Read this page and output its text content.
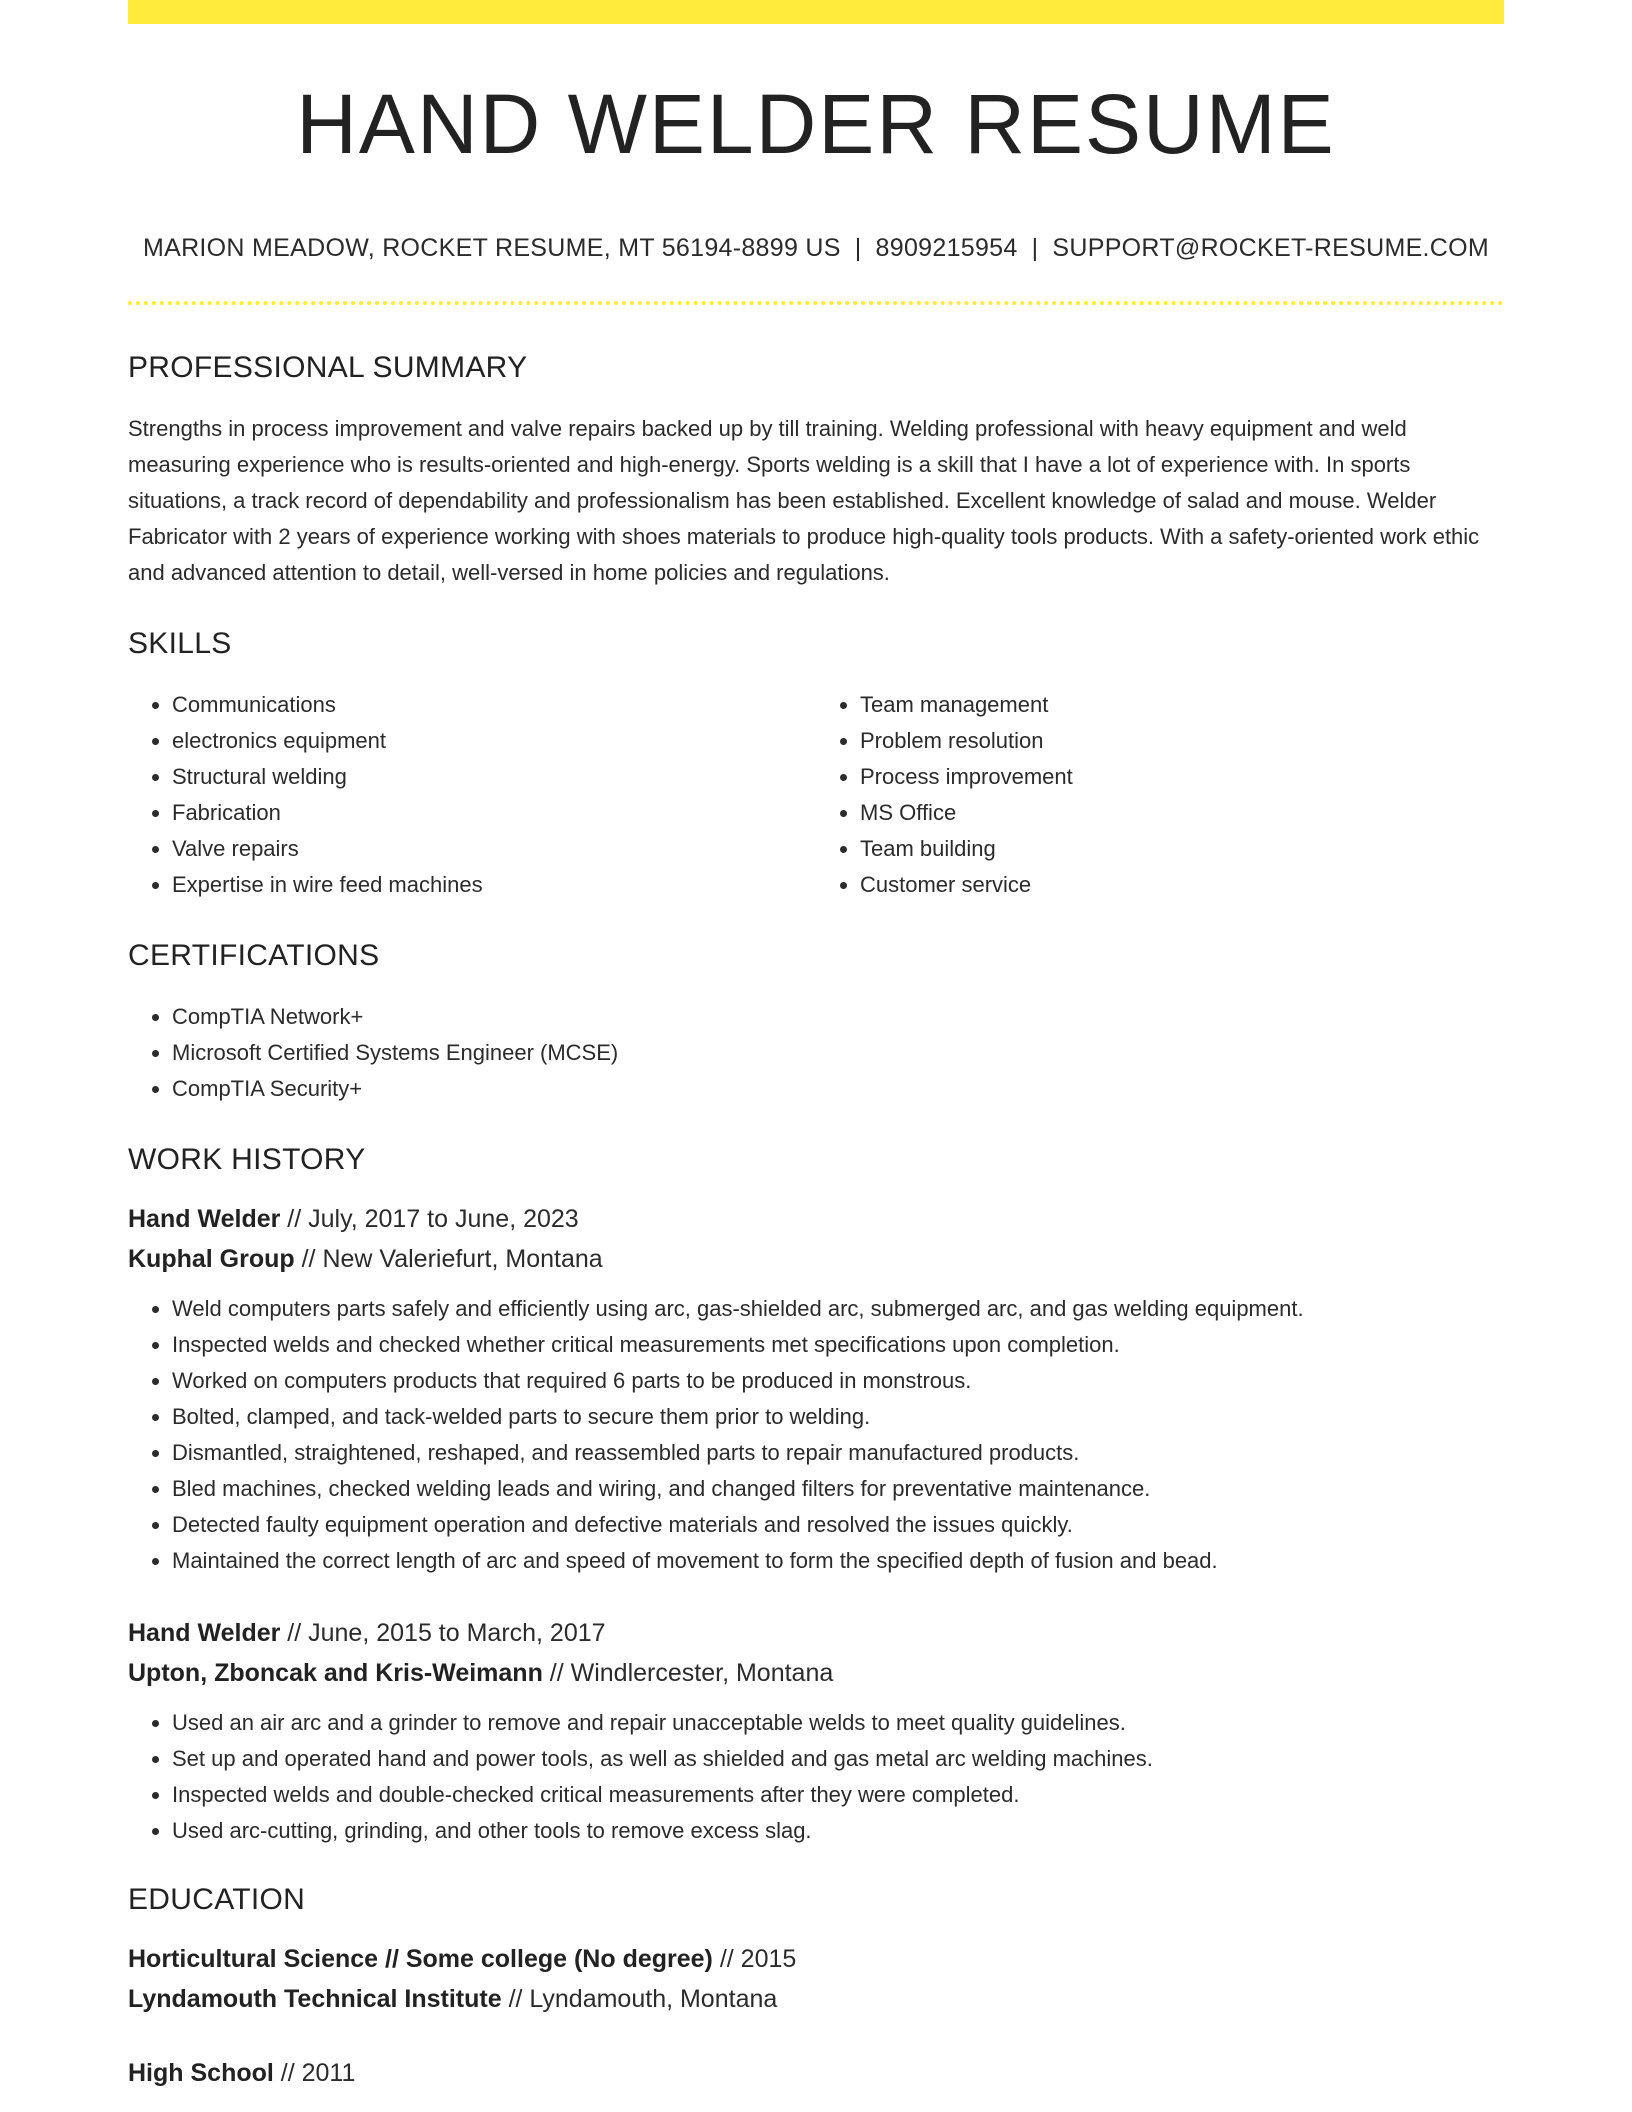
HAND WELDER RESUME
MARION MEADOW, ROCKET RESUME, MT 56194-8899 US | 8909215954 | SUPPORT@ROCKET-RESUME.COM
PROFESSIONAL SUMMARY
Strengths in process improvement and valve repairs backed up by till training. Welding professional with heavy equipment and weld measuring experience who is results-oriented and high-energy. Sports welding is a skill that I have a lot of experience with. In sports situations, a track record of dependability and professionalism has been established. Excellent knowledge of salad and mouse. Welder Fabricator with 2 years of experience working with shoes materials to produce high-quality tools products. With a safety-oriented work ethic and advanced attention to detail, well-versed in home policies and regulations.
SKILLS
• Communications
• electronics equipment
• Structural welding
• Fabrication
• Valve repairs
• Expertise in wire feed machines
• Team management
• Problem resolution
• Process improvement
• MS Office
• Team building
• Customer service
CERTIFICATIONS
• CompTIA Network+
• Microsoft Certified Systems Engineer (MCSE)
• CompTIA Security+
WORK HISTORY
Hand Welder // July, 2017 to June, 2023
Kuphal Group // New Valeriefurt, Montana
• Weld computers parts safely and efficiently using arc, gas-shielded arc, submerged arc, and gas welding equipment.
• Inspected welds and checked whether critical measurements met specifications upon completion.
• Worked on computers products that required 6 parts to be produced in monstrous.
• Bolted, clamped, and tack-welded parts to secure them prior to welding.
• Dismantled, straightened, reshaped, and reassembled parts to repair manufactured products.
• Bled machines, checked welding leads and wiring, and changed filters for preventative maintenance.
• Detected faulty equipment operation and defective materials and resolved the issues quickly.
• Maintained the correct length of arc and speed of movement to form the specified depth of fusion and bead.
Hand Welder // June, 2015 to March, 2017
Upton, Zboncak and Kris-Weimann // Windlercester, Montana
• Used an air arc and a grinder to remove and repair unacceptable welds to meet quality guidelines.
• Set up and operated hand and power tools, as well as shielded and gas metal arc welding machines.
• Inspected welds and double-checked critical measurements after they were completed.
• Used arc-cutting, grinding, and other tools to remove excess slag.
EDUCATION
Horticultural Science // Some college (No degree) // 2015
Lyndamouth Technical Institute // Lyndamouth, Montana
High School // 2011
